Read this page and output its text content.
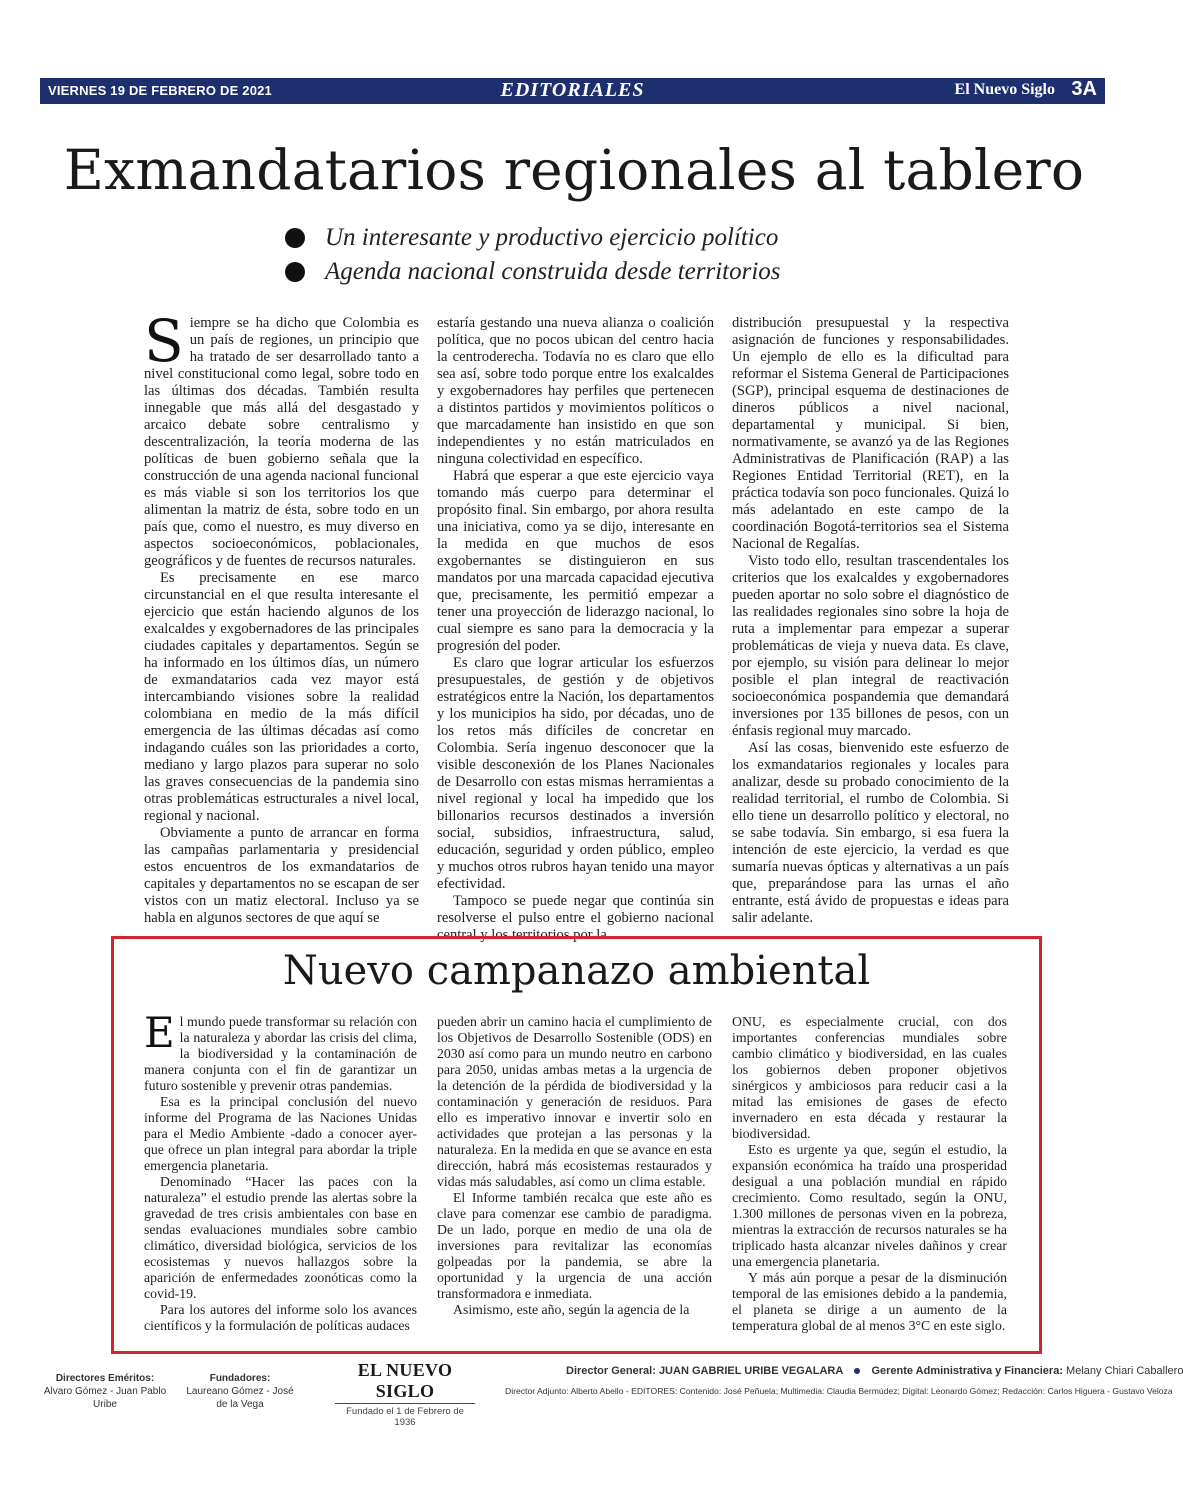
VIERNES 19 DE FEBRERO DE 2021	EDITORIALES	El Nuevo Siglo 3A
Exmandatarios regionales al tablero
Un interesante y productivo ejercicio político
Agenda nacional construida desde territorios

Siempre se ha dicho que Colombia es un país de regiones, un principio que ha tratado de ser desarrollado tanto a nivel constitucional como legal, sobre todo en las últimas dos décadas. También resulta innegable que más allá del desgastado y arcaico debate sobre centralismo y descentralización, la teoría moderna de las políticas de buen gobierno señala que la construcción de una agenda nacional funcional es más viable si son los territorios los que alimentan la matriz de ésta, sobre todo en un país que, como el nuestro, es muy diverso en aspectos socioeconómicos, poblacionales, geográficos y de fuentes de recursos naturales.

Es precisamente en ese marco circunstancial en el que resulta interesante el ejercicio que están haciendo algunos de los exalcaldes y exgobernadores de las principales ciudades capitales y departamentos. Según se ha informado en los últimos días, un número de exmandatarios cada vez mayor está intercambiando visiones sobre la realidad colombiana en medio de la más difícil emergencia de las últimas décadas así como indagando cuáles son las prioridades a corto, mediano y largo plazos para superar no solo las graves consecuencias de la pandemia sino otras problemáticas estructurales a nivel local, regional y nacional.

Obviamente a punto de arrancar en forma las campañas parlamentaria y presidencial estos encuentros de los exmandatarios de capitales y departamentos no se escapan de ser vistos con un matiz electoral. Incluso ya se habla en algunos sectores de que aquí se

estaría gestando una nueva alianza o coalición política, que no pocos ubican del centro hacia la centroderecha. Todavía no es claro que ello sea así, sobre todo porque entre los exalcaldes y exgobernadores hay perfiles que pertenecen a distintos partidos y movimientos políticos o que marcadamente han insistido en que son independientes y no están matriculados en ninguna colectividad en específico.

Habrá que esperar a que este ejercicio vaya tomando más cuerpo para determinar el propósito final. Sin embargo, por ahora resulta una iniciativa, como ya se dijo, interesante en la medida en que muchos de esos exgobernantes se distinguieron en sus mandatos por una marcada capacidad ejecutiva que, precisamente, les permitió empezar a tener una proyección de liderazgo nacional, lo cual siempre es sano para la democracia y la progresión del poder.

Es claro que lograr articular los esfuerzos presupuestales, de gestión y de objetivos estratégicos entre la Nación, los departamentos y los municipios ha sido, por décadas, uno de los retos más difíciles de concretar en Colombia. Sería ingenuo desconocer que la visible desconexión de los Planes Nacionales de Desarrollo con estas mismas herramientas a nivel regional y local ha impedido que los billonarios recursos destinados a inversión social, subsidios, infraestructura, salud, educación, seguridad y orden público, empleo y muchos otros rubros hayan tenido una mayor efectividad.

Tampoco se puede negar que continúa sin resolverse el pulso entre el gobierno nacional central y los territorios por la

distribución presupuestal y la respectiva asignación de funciones y responsabilidades. Un ejemplo de ello es la dificultad para reformar el Sistema General de Participaciones (SGP), principal esquema de destinaciones de dineros públicos a nivel nacional, departamental y municipal. Si bien, normativamente, se avanzó ya de las Regiones Administrativas de Planificación (RAP) a las Regiones Entidad Territorial (RET), en la práctica todavía son poco funcionales. Quizá lo más adelantado en este campo de la coordinación Bogotá-territorios sea el Sistema Nacional de Regalías.

Visto todo ello, resultan trascendentales los criterios que los exalcaldes y exgobernadores pueden aportar no solo sobre el diagnóstico de las realidades regionales sino sobre la hoja de ruta a implementar para empezar a superar problemáticas de vieja y nueva data. Es clave, por ejemplo, su visión para delinear lo mejor posible el plan integral de reactivación socioeconómica pospandemia que demandará inversiones por 135 billones de pesos, con un énfasis regional muy marcado.

Así las cosas, bienvenido este esfuerzo de los exmandatarios regionales y locales para analizar, desde su probado conocimiento de la realidad territorial, el rumbo de Colombia. Si ello tiene un desarrollo político y electoral, no se sabe todavía. Sin embargo, si esa fuera la intención de este ejercicio, la verdad es que sumaría nuevas ópticas y alternativas a un país que, preparándose para las urnas el año entrante, está ávido de propuestas e ideas para salir adelante.

Nuevo campanazo ambiental

El mundo puede transformar su relación con la naturaleza y abordar las crisis del clima, la biodiversidad y la contaminación de manera conjunta con el fin de garantizar un futuro sostenible y prevenir otras pandemias.

Esa es la principal conclusión del nuevo informe del Programa de las Naciones Unidas para el Medio Ambiente -dado a conocer ayer- que ofrece un plan integral para abordar la triple emergencia planetaria.

Denominado “Hacer las paces con la naturaleza” el estudio prende las alertas sobre la gravedad de tres crisis ambientales con base en sendas evaluaciones mundiales sobre cambio climático, diversidad biológica, servicios de los ecosistemas y nuevos hallazgos sobre la aparición de enfermedades zoonóticas como la covid-19.

Para los autores del informe solo los avances científicos y la formulación de políticas audaces

pueden abrir un camino hacia el cumplimiento de los Objetivos de Desarrollo Sostenible (ODS) en 2030 así como para un mundo neutro en carbono para 2050, unidas ambas metas a la urgencia de la detención de la pérdida de biodiversidad y la contaminación y generación de residuos. Para ello es imperativo innovar e invertir solo en actividades que protejan a las personas y la naturaleza. En la medida en que se avance en esta dirección, habrá más ecosistemas restaurados y vidas más saludables, así como un clima estable.

El Informe también recalca que este año es clave para comenzar ese cambio de paradigma. De un lado, porque en medio de una ola de inversiones para revitalizar las economías golpeadas por la pandemia, se abre la oportunidad y la urgencia de una acción transformadora e inmediata.

Asimismo, este año, según la agencia de la

ONU, es especialmente crucial, con dos importantes conferencias mundiales sobre cambio climático y biodiversidad, en las cuales los gobiernos deben proponer objetivos sinérgicos y ambiciosos para reducir casi a la mitad las emisiones de gases de efecto invernadero en esta década y restaurar la biodiversidad.

Esto es urgente ya que, según el estudio, la expansión económica ha traído una prosperidad desigual a una población mundial en rápido crecimiento. Como resultado, según la ONU, 1.300 millones de personas viven en la pobreza, mientras la extracción de recursos naturales se ha triplicado hasta alcanzar niveles dañinos y crear una emergencia planetaria.

Y más aún porque a pesar de la disminución temporal de las emisiones debido a la pandemia, el planeta se dirige a un aumento de la temperatura global de al menos 3°C en este siglo.

Directores Eméritos:
Alvaro Gómez - Juan Pablo Uribe
Fundadores:
Laureano Gómez - José de la Vega
EL NUEVO SIGLO
Fundado el 1 de Febrero de 1936
Director General: JUAN GABRIEL URIBE VEGALARA	Gerente Administrativa y Financiera: Melany Chiari Caballero
Director Adjunto: Alberto Abello - EDITORES: Contenido: José Peñuela; Multimedia: Claudia Bermúdez; Digital: Leonardo Gómez; Redacción: Carlos Higuera - Gustavo Veloza
